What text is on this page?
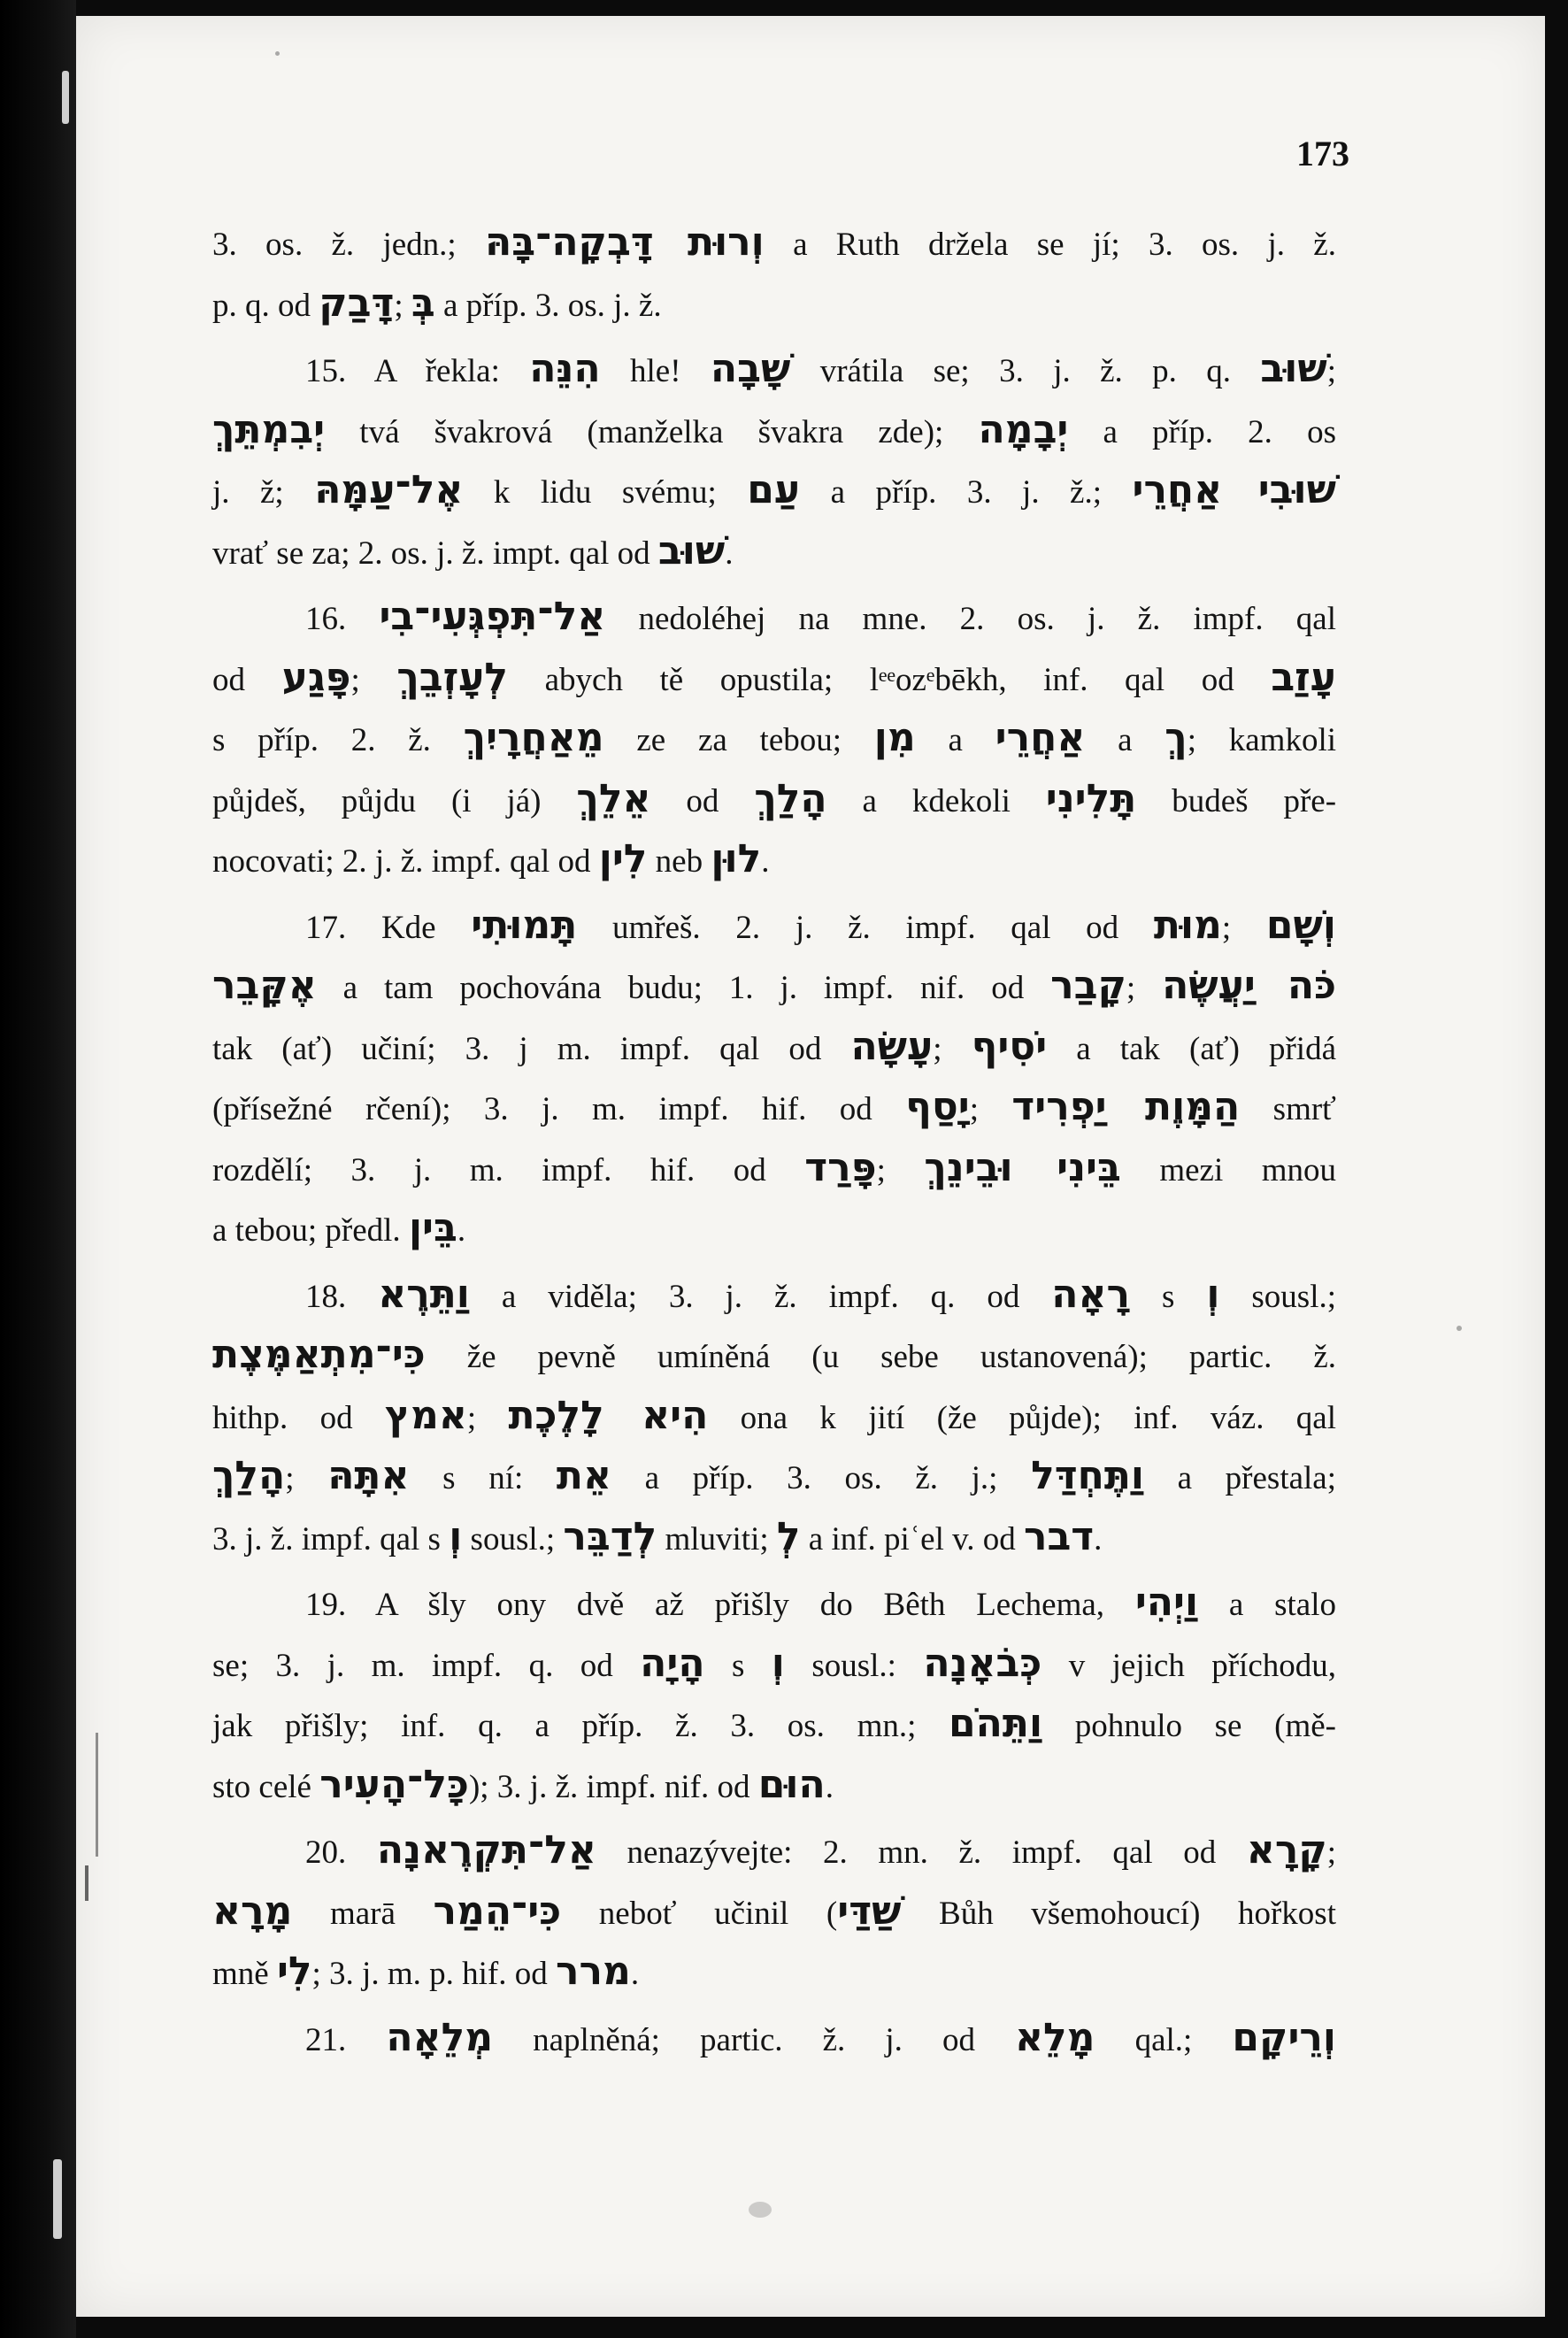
173
3. os. ž. jedn.; וְרוּת דָּבְקָה־בָּהּ a Ruth držela se jí; 3. os. j. ž.
p. q. od דָּבַק; בְּ a příp. 3. os. j. ž.
15. A řekla: הִנֵּה hle! שָׁבָה vrátila se; 3. j. ž. p. q. שׁוּב;
יְבִמְתֵּךְ tvá švakrová (manželka švakra zde); יְבָמָה a příp. 2. os
j. ž; אֶל־עַמָּהּ k lidu svému; עַם a příp. 3. j. ž.; שׁוּבִי אַחֲרֵי
vrať se za; 2. os. j. ž. impt. qal od שׁוּב.
16. אַל־תִּפְגְּעִי־בִי nedoléhej na mne. 2. os. j. ž. impf. qal
od פָּגַע; לְעָזְבֵךְ abych tě opustila; lᵉᵉozᵉbēkh, inf. qal od עָזַב
s příp. 2. ž. מֵאַחֲרָיִךְ ze za tebou; מִן a אַחֲרֵי a ךְ; kamkoli
půjdeš, půjdu (i já) אֵלֵךְ od הָלַךְ a kdekoli תָּלִינִי budeš pře-
nocovati; 2. j. ž. impf. qal od לִין neb לוּן.
17. Kde תָּמוּתִי umřeš. 2. j. ž. impf. qal od מוּת; וְשָׁם
אֶקָּבֵר a tam pochována budu; 1. j. impf. nif. od קָבַר; כֹּה יַעֲשֶׂה
tak (ať) učiní; 3. j m. impf. qal od עָשָׂה; יֹסִיף a tak (ať) přidá
(přísežné rčení); 3. j. m. impf. hif. od יָסַף; הַמָּוֶת יַפְרִיד smrť
rozdělí; 3. j. m. impf. hif. od פָּרַד; בֵּינִי וּבֵינֵךְ mezi mnou
a tebou; předl. בֵּין.
18. וַתֵּרֶא a viděla; 3. j. ž. impf. q. od רָאָה s וְ sousl.;
כִּי־מִתְאַמֶּצֶת že pevně umíněná (u sebe ustanovená); partic. ž.
hithp. od אמץ; הִיא לָלֶכֶת ona k jití (že půjde); inf. váz. qal
הָלַךְ; אִתָּהּ s ní: אֵת a příp. 3. os. ž. j.; וַתֶּחְדַּל a přestala;
3. j. ž. impf. qal s וְ sousl.; לְדַבֵּר mluviti; לְ a inf. piʿel v. od דבר.
19. A šly ony dvě až přišly do Bêth Lechema, וַיְהִי a stalo
se; 3. j. m. impf. q. od הָיָה s וְ sousl.: כְּבֹאָנָה v jejich příchodu,
jak přišly; inf. q. a příp. ž. 3. os. mn.; וַתֵּהֹם pohnulo se (mě-
sto celé כָּל־הָעִיר); 3. j. ž. impf. nif. od הוּם.
20. אַל־תִּקְרֶאנָה nenazývejte: 2. mn. ž. impf. qal od קָרָא;
מָרָא marā כִּי־הֵמַר neboť učinil (שַׁדַּי Bůh všemohoucí) hořkost
mně לִי; 3. j. m. p. hif. od מרר.
21. מְלֵאָה naplněná; partic. ž. j. od מָלֵא qal.; וְרֵיקָם
